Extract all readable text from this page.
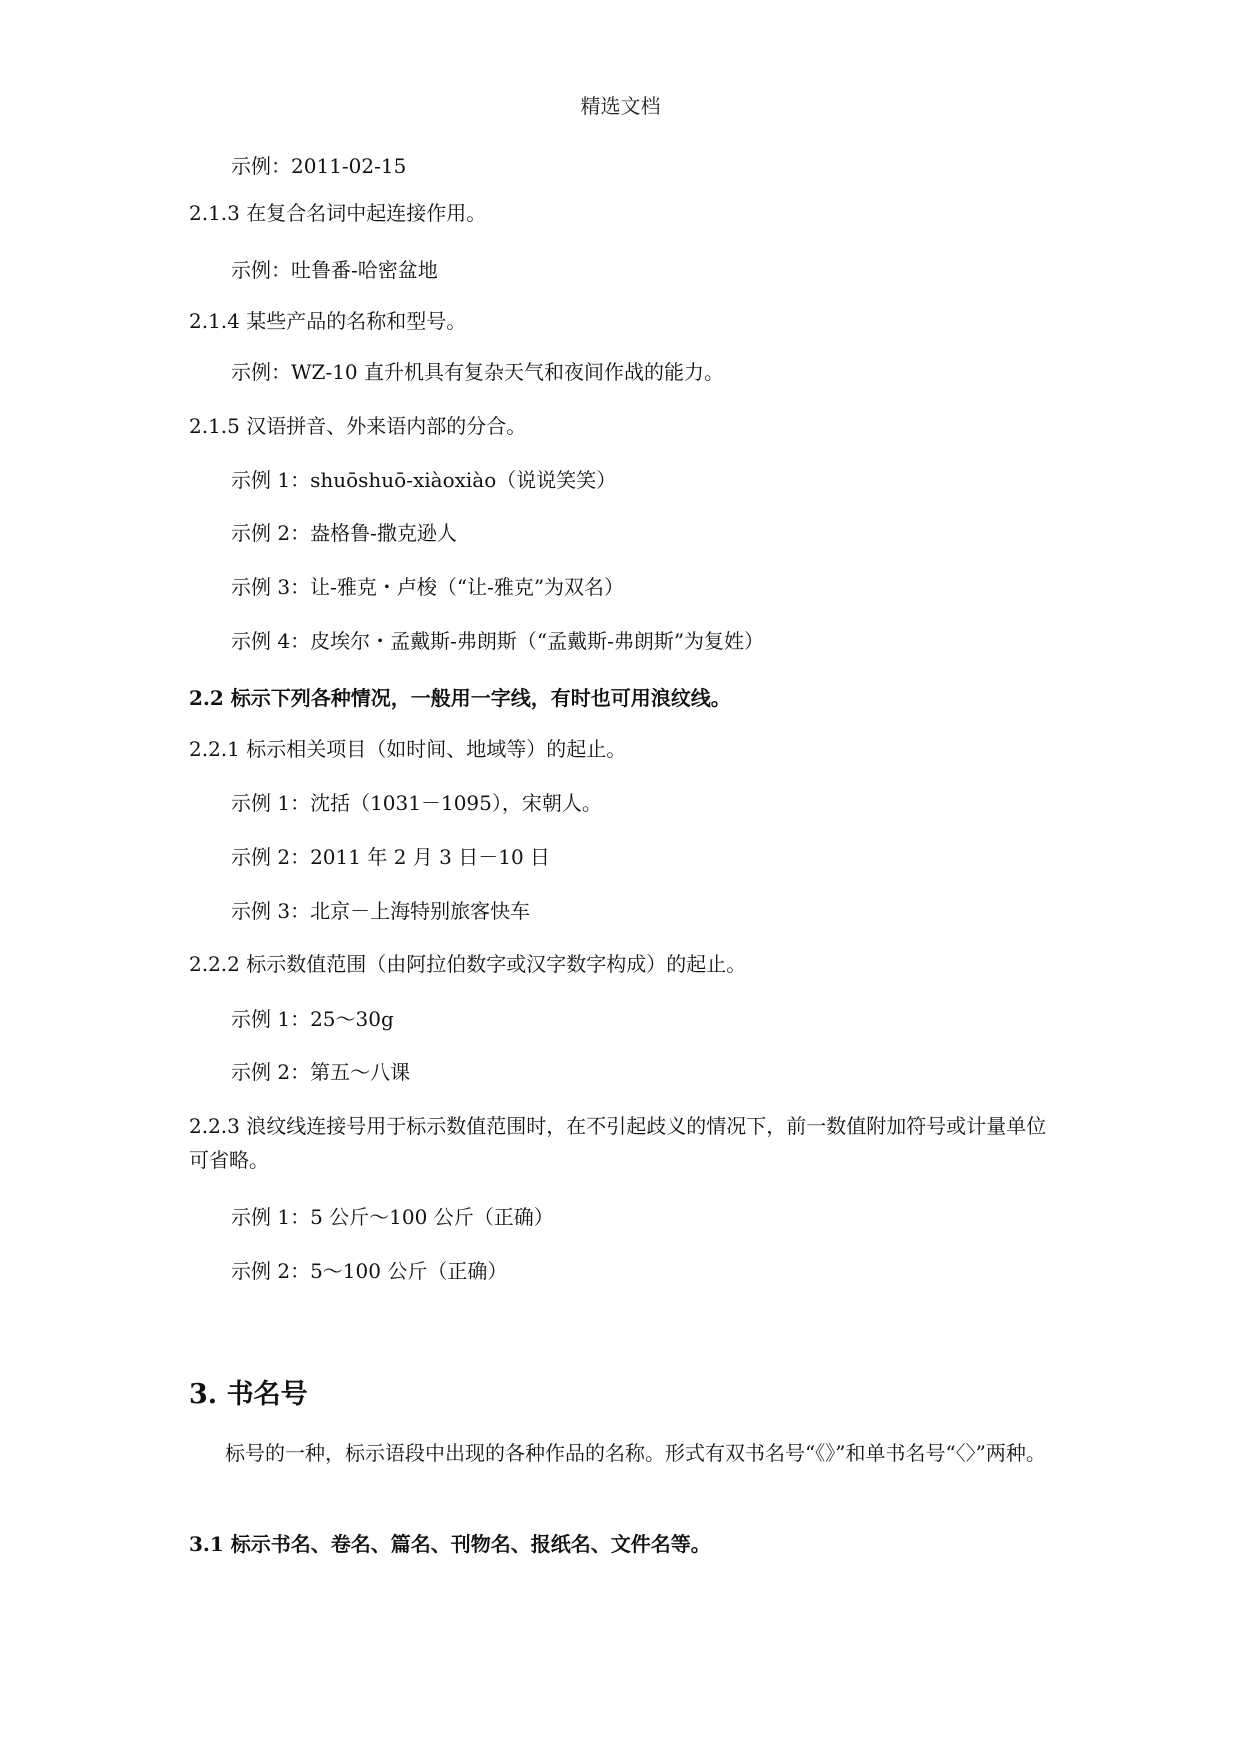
精选文档
示例：2011-02-15
2.1.3 在复合名词中起连接作用。
示例：吐鲁番-哈密盆地
2.1.4 某些产品的名称和型号。
示例：WZ-10 直升机具有复杂天气和夜间作战的能力。
2.1.5 汉语拼音、外来语内部的分合。
示例 1：shuōshuō-xiàoxiào（说说笑笑）
示例 2：盎格鲁-撒克逊人
示例 3：让-雅克・卢梭（“让-雅克”为双名）
示例 4：皮埃尔・孟戴斯-弗朗斯（“孟戴斯-弗朗斯”为复姓）
2.2 标示下列各种情况，一般用一字线，有时也可用浪纹线。
2.2.1 标示相关项目（如时间、地域等）的起止。
示例 1：沈括（1031－1095），宋朝人。
示例 2：2011 年 2 月 3 日－10 日
示例 3：北京－上海特别旅客快车
2.2.2 标示数值范围（由阿拉伯数字或汉字数字构成）的起止。
示例 1：25～30g
示例 2：第五～八课
2.2.3 浪纹线连接号用于标示数值范围时，在不引起歧义的情况下，前一数值附加符号或计量单位可省略。
示例 1：5 公斤～100 公斤（正确）
示例 2：5～100 公斤（正确）
3. 书名号
标号的一种，标示语段中出现的各种作品的名称。形式有双书名号“《》”和单书名号“〈〉”两种。
3.1 标示书名、卷名、篇名、刊物名、报纸名、文件名等。
